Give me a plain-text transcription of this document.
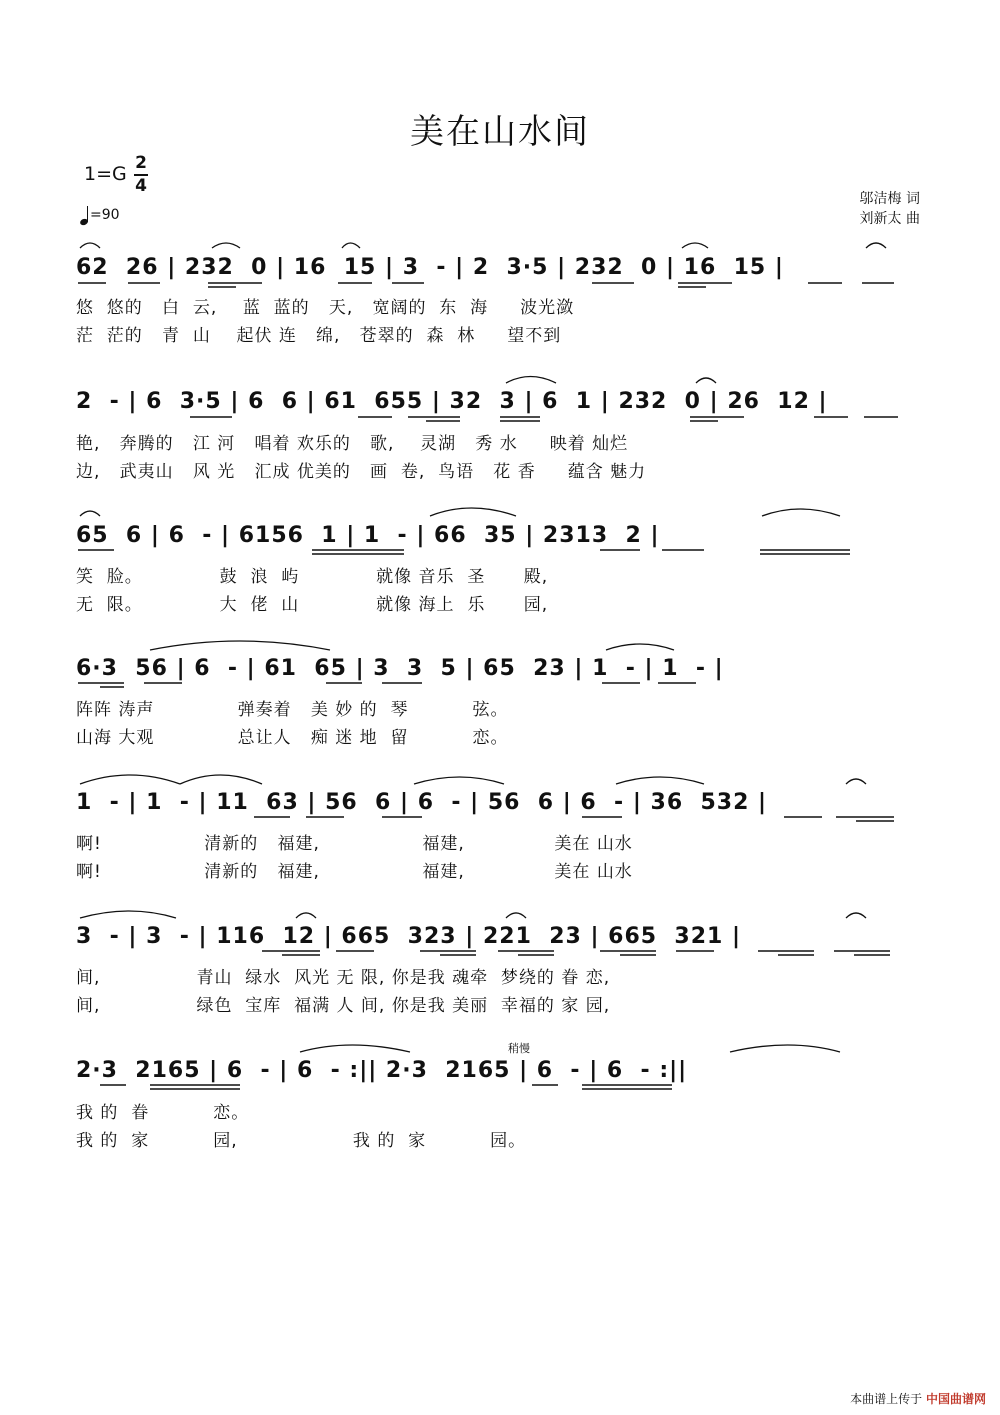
美在山水间
1=G 2
4
=90
邬洁梅 词
刘新太 曲
62  26 | 232  0 | 16  15 | 3  - | 2  3·5 | 232  0 | 16  15 |
悠  悠的   白  云,    蓝  蓝的   天,   宽阔的  东  海     波光潋
茫  茫的   青  山    起伏 连   绵,   苍翠的  森  林     望不到
2  - | 6  3·5 | 6  6 | 61  655 | 32  3 | 6  1 | 232  0 | 26  12 |
艳,   奔腾的   江 河   唱着 欢乐的   歌,    灵湖   秀 水     映着 灿烂
边,   武夷山   风 光   汇成 优美的   画  卷,  鸟语   花 香     蕴含 魅力
65  6 | 6  - | 6156  1 | 1  - | 66  35 | 2313  2 |
笑  脸。            鼓  浪  屿            就像 音乐  圣      殿,
无  限。            大  佬  山            就像 海上  乐      园,
6·3  56 | 6  - | 61  65 | 3  3  5 | 65  23 | 1  - | 1  - |
阵阵 涛声             弹奏着   美 妙 的  琴          弦。
山海 大观             总让人   痴 迷 地  留          恋。
1  - | 1  - | 11  63 | 56  6 | 6  - | 56  6 | 6  - | 36  532 |
啊!                清新的   福建,                福建,              美在 山水
啊!                清新的   福建,                福建,              美在 山水
3  - | 3  - | 116  12 | 665  323 | 221  23 | 665  321 |
间,               青山  绿水  风光 无 限, 你是我 魂牵  梦绕的 眷 恋,
间,               绿色  宝库  福满 人 间, 你是我 美丽  幸福的 家 园,
稍慢
2·3  2165 | 6  - | 6  - :|| 2·3  2165 | 6  - | 6  - :||
我 的  眷          恋。
我 的  家          园,                  我 的  家          园。
本曲谱上传于 中国曲谱网
